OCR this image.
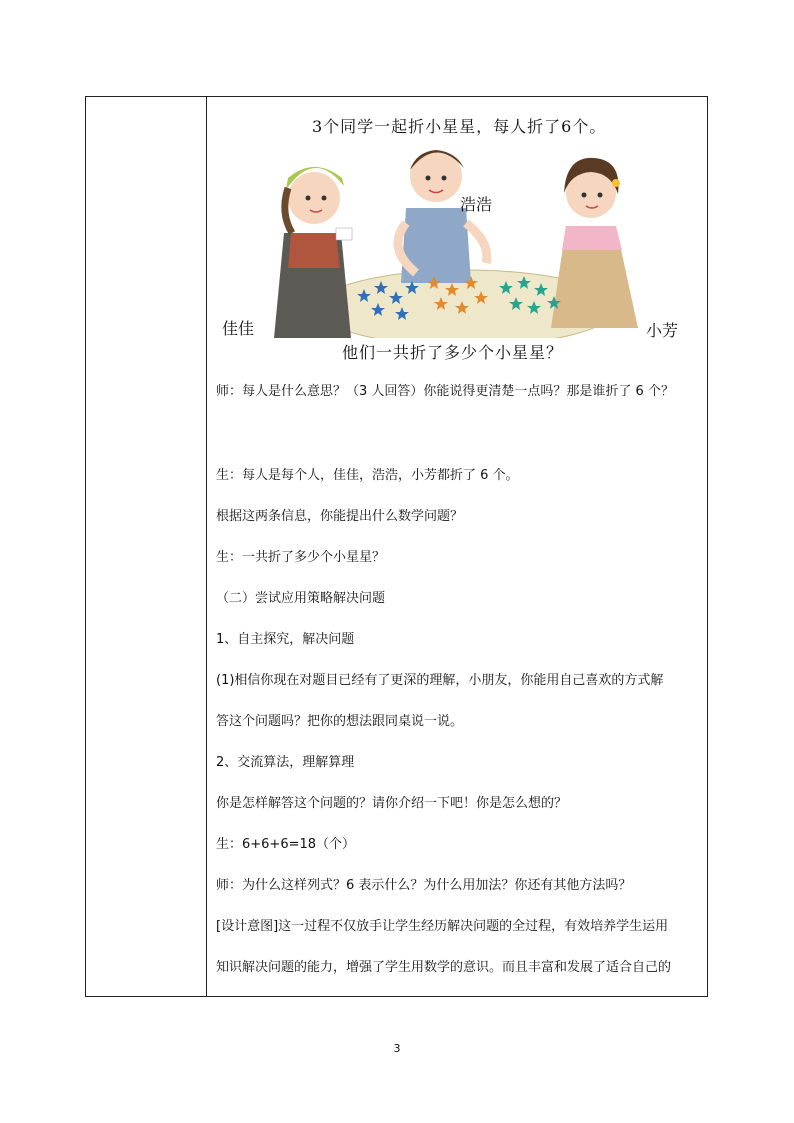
3个同学一起折小星星，每人折了6个。
佳佳
浩浩
小芳
他们一共折了多少个小星星？

师：每人是什么意思？（3 人回答）你能说得更清楚一点吗？那是谁折了 6 个？

生：每人是每个人，佳佳，浩浩，小芳都折了 6 个。

根据这两条信息，你能提出什么数学问题？

生：一共折了多少个小星星？

（二）尝试应用策略解决问题

1、自主探究，解决问题

(1)相信你现在对题目已经有了更深的理解，小朋友，你能用自己喜欢的方式解

答这个问题吗？把你的想法跟同桌说一说。

2、交流算法，理解算理

你是怎样解答这个问题的？请你介绍一下吧！你是怎么想的？

生：6+6+6=18（个）

师：为什么这样列式？6 表示什么？为什么用加法？你还有其他方法吗？

[设计意图]这一过程不仅放手让学生经历解决问题的全过程，有效培养学生运用

知识解决问题的能力，增强了学生用数学的意识。而且丰富和发展了适合自己的

3
